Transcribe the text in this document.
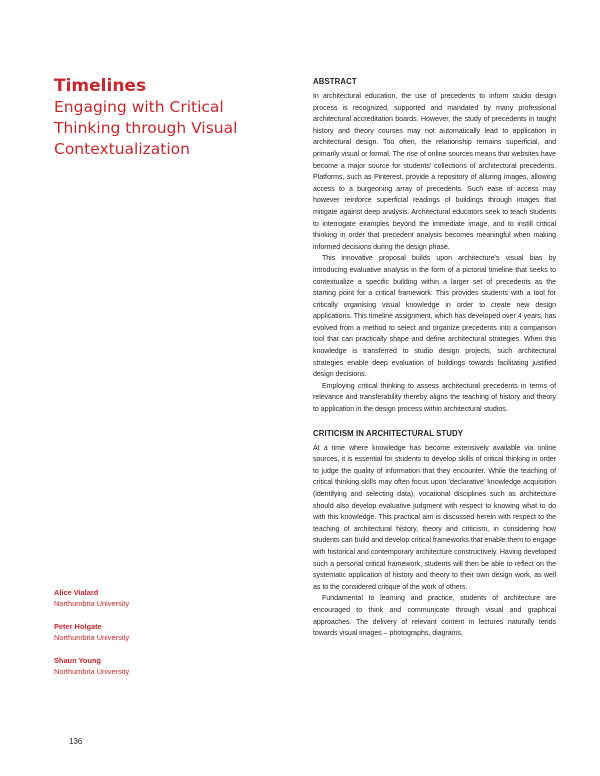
Timelines

Engaging with Critical

Thinking through Visual

Contextualization

Alice Vialard
Northumbria University
Peter Holgate
Northumbria University
Shaun Young
Northumbria University
136
ABSTRACT

In architectural education, the use of precedents to inform studio design process is recognized, supported and mandated by many professional architectural accreditation boards. However, the study of precedents in taught history and theory courses may not automatically lead to application in architectural design. Too often, the relationship remains superficial, and primarily visual or formal. The rise of online sources means that websites have become a major source for students' collections of architectural precedents. Platforms, such as Pinterest, provide a repository of alluring images, allowing access to a burgeoning array of precedents. Such ease of access may however reinforce superficial readings of buildings through images that mitigate against deep analysis. Architectural educators seek to teach students to interrogate examples beyond the immediate image, and to instill critical thinking in order that precedent analysis becomes meaningful when making informed decisions during the design phase.

This innovative proposal builds upon architecture's visual bias by introducing evaluative analysis in the form of a pictorial timeline that seeks to contextualize a specific building within a larger set of precedents as the starting point for a critical framework. This provides students with a tool for critically organising visual knowledge in order to create new design applications. This timeline assignment, which has developed over 4 years, has evolved from a method to select and organize precedents into a comparison tool that can practically shape and define architectural strategies. When this knowledge is transferred to studio design projects, such architectural strategies enable deep evaluation of buildings towards facilitating justified design decisions.

Employing critical thinking to assess architectural precedents in terms of relevance and transferability thereby aligns the teaching of history and theory to application in the design process within architectural studios.

CRITICISM IN ARCHITECTURAL STUDY

At a time where knowledge has become extensively available via online sources, it is essential for students to develop skills of critical thinking in order to judge the quality of information that they encounter. While the teaching of critical thinking skills may often focus upon 'declarative' knowledge acquisition (identifying and selecting data), vocational disciplines such as architecture should also develop evaluative judgment with respect to knowing what to do with this knowledge. This practical aim is discussed herein with respect to the teaching of architectural history, theory and criticism, in considering how students can build and develop critical frameworks that enable them to engage with historical and contemporary architecture constructively. Having developed such a personal critical framework, students will then be able to reflect on the systematic application of history and theory to their own design work, as well as to the considered critique of the work of others.

Fundamental to learning and practice, students of architecture are encouraged to think and communicate through visual and graphical approaches. The delivery of relevant content in lectures naturally tends towards visual images – photographs, diagrams,
